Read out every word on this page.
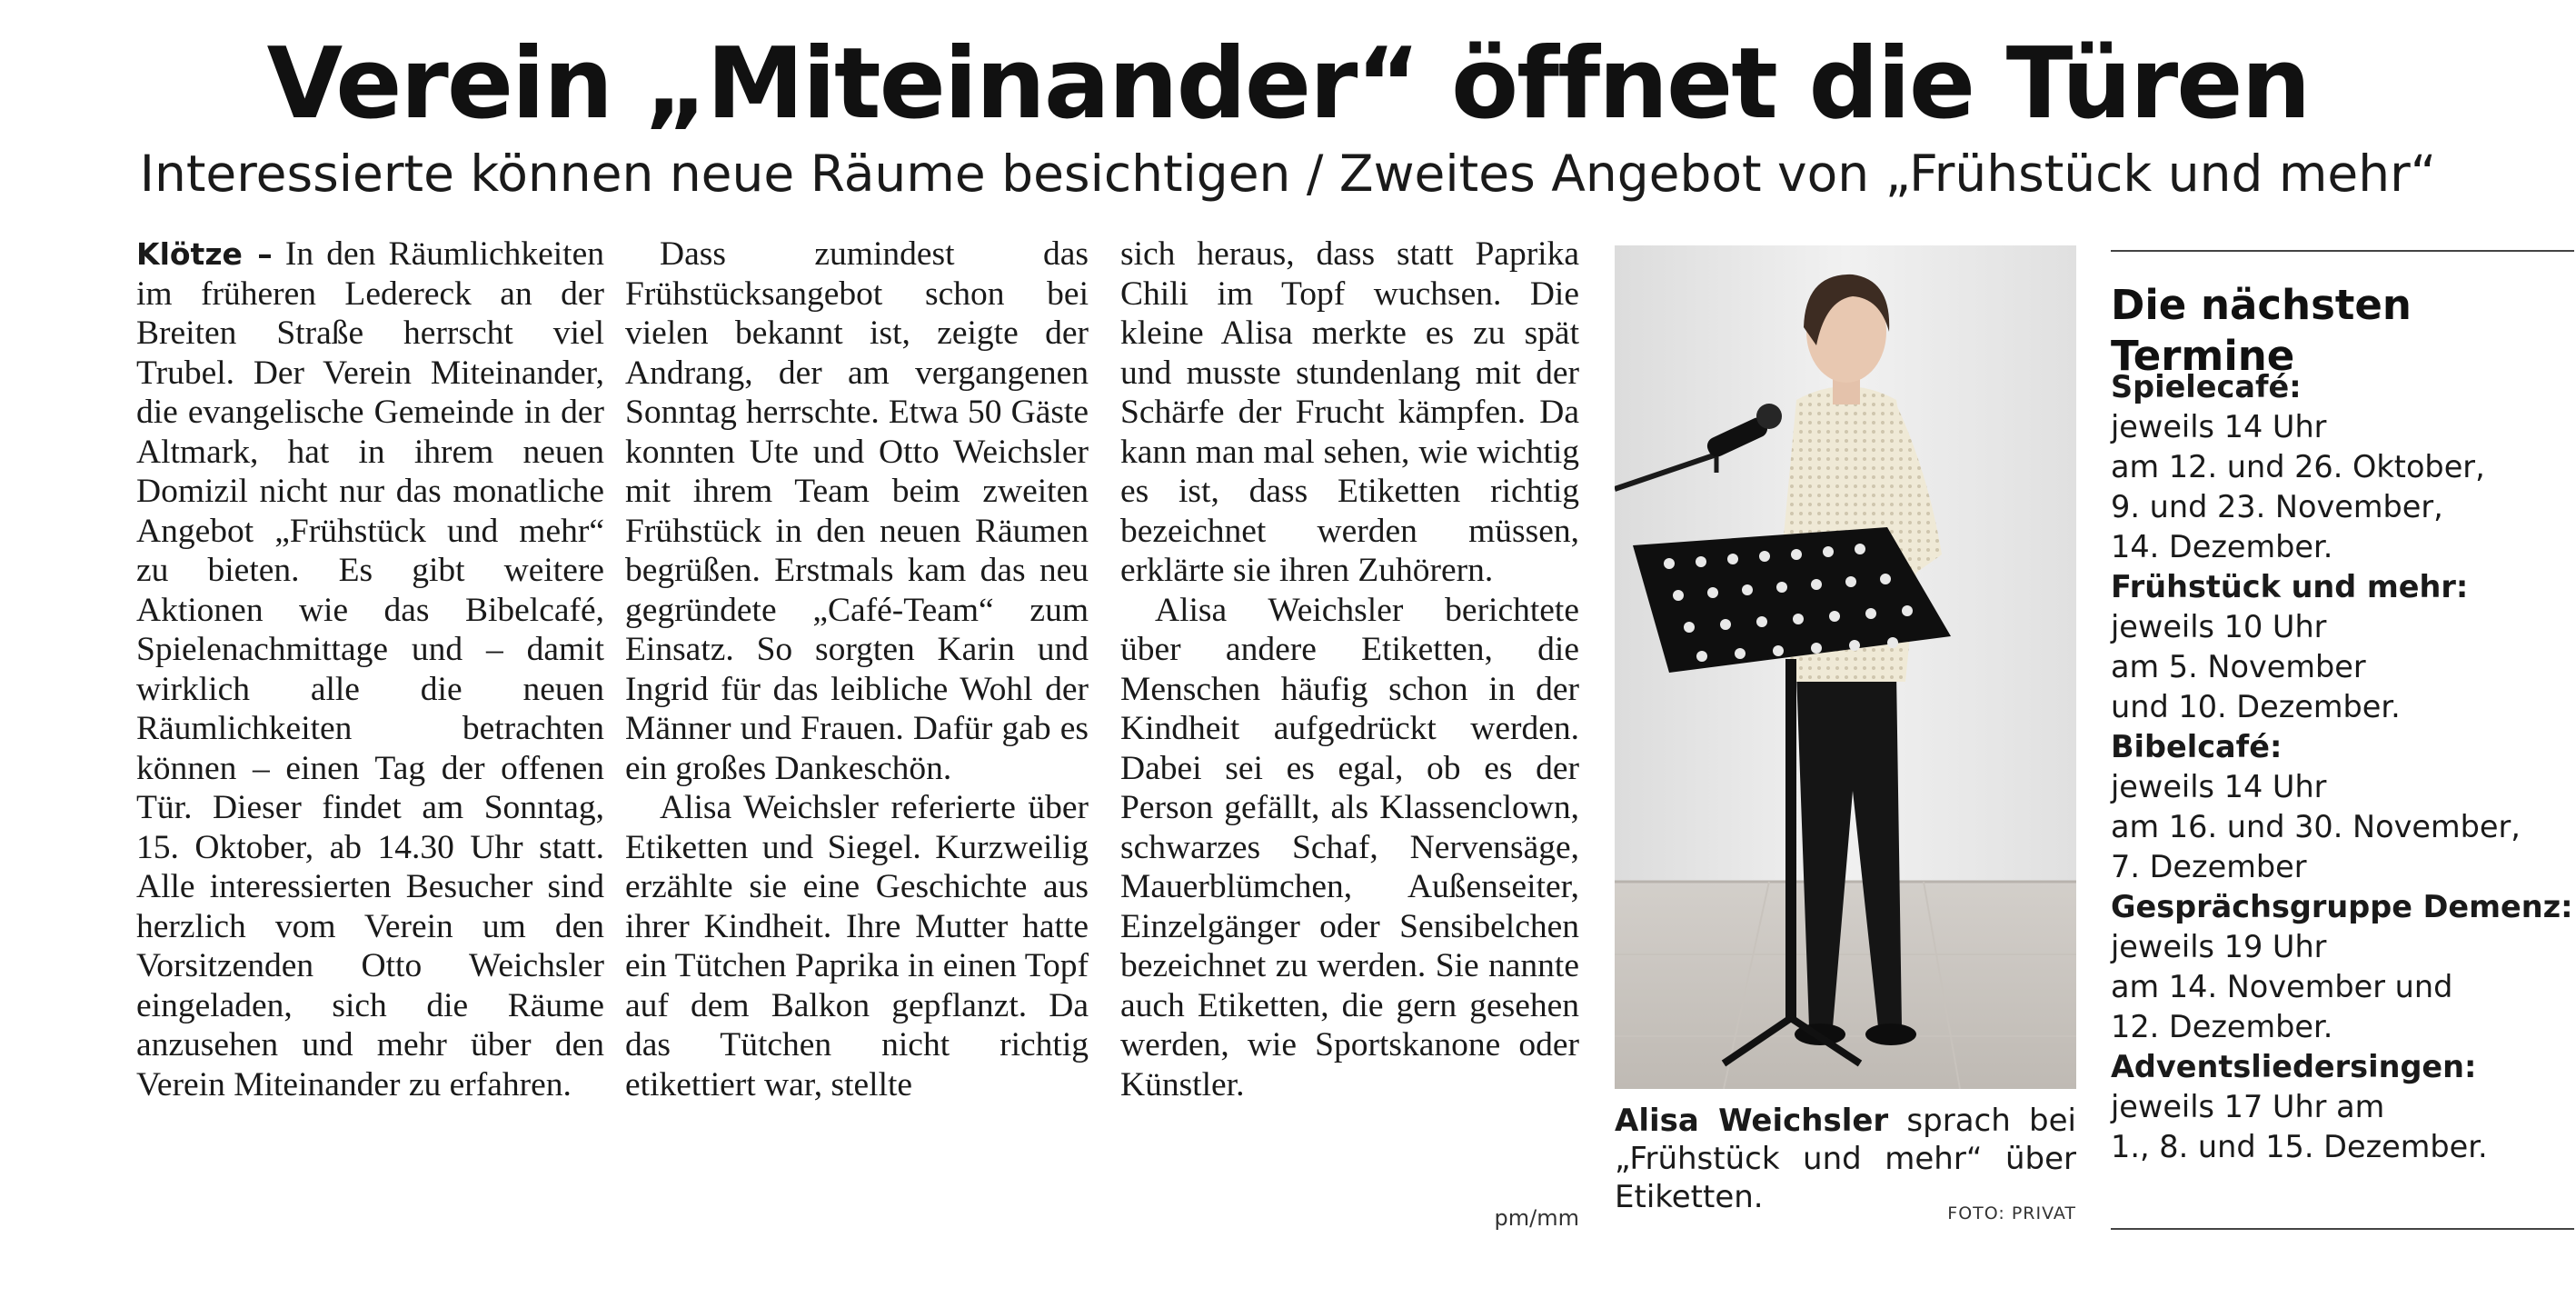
Verein „Miteinander“ öffnet die Türen
Interessierte können neue Räume besichtigen / Zweites Angebot von „Frühstück und mehr“

Klötze – In den Räumlichkeiten im früheren Ledereck an der Breiten Straße herrscht viel Trubel. Der Verein Miteinander, die evangelische Gemeinde in der Altmark, hat in ihrem neuen Domizil nicht nur das monatliche Angebot „Frühstück und mehr“ zu bieten. Es gibt weitere Aktionen wie das Bibelcafé, Spielenachmittage und – damit wirklich alle die neuen Räumlichkeiten betrachten können – einen Tag der offenen Tür. Dieser findet am Sonntag, 15. Oktober, ab 14.30 Uhr statt. Alle interessierten Besucher sind herzlich vom Verein um den Vorsitzenden Otto Weichsler eingeladen, sich die Räume anzusehen und mehr über den Verein Miteinander zu erfahren.

Dass zumindest das Frühstücksangebot schon bei vielen bekannt ist, zeigte der Andrang, der am vergangenen Sonntag herrschte. Etwa 50 Gäste konnten Ute und Otto Weichsler mit ihrem Team beim zweiten Frühstück in den neuen Räumen begrüßen. Erstmals kam das neu gegründete „Café-Team“ zum Einsatz. So sorgten Karin und Ingrid für das leibliche Wohl der Männer und Frauen. Dafür gab es ein großes Dankeschön.

Alisa Weichsler referierte über Etiketten und Siegel. Kurzweilig erzählte sie eine Geschichte aus ihrer Kindheit. Ihre Mutter hatte ein Tütchen Paprika in einen Topf auf dem Balkon gepflanzt. Da das Tütchen nicht richtig etikettiert war, stellte

sich heraus, dass statt Paprika Chili im Topf wuchsen. Die kleine Alisa merkte es zu spät und musste stundenlang mit der Schärfe der Frucht kämpfen. Da kann man mal sehen, wie wichtig es ist, dass Etiketten richtig bezeichnet werden müssen, erklärte sie ihren Zuhörern.

Alisa Weichsler berichtete über andere Etiketten, die Menschen häufig schon in der Kindheit aufgedrückt werden. Dabei sei es egal, ob es der Person gefällt, als Klassenclown, schwarzes Schaf, Nervensäge, Mauerblümchen, Außenseiter, Einzelgänger oder Sensibelchen bezeichnet zu werden. Sie nannte auch Etiketten, die gern gesehen werden, wie Sportskanone oder Künstler.

pm/mm
Alisa Weichsler sprach bei „Frühstück und mehr“ über Etiketten.	FOTO: PRIVAT
Die nächsten Termine
Spielecafé:
jeweils 14 Uhr
am 12. und 26. Oktober,
9. und 23. November,
14. Dezember.
Frühstück und mehr:
jeweils 10 Uhr
am 5. November
und 10. Dezember.
Bibelcafé:
jeweils 14 Uhr
am 16. und 30. November,
7. Dezember
Gesprächsgruppe Demenz:
jeweils 19 Uhr
am 14. November und
12. Dezember.
Adventsliedersingen:
jeweils 17 Uhr am
1., 8. und 15. Dezember.
